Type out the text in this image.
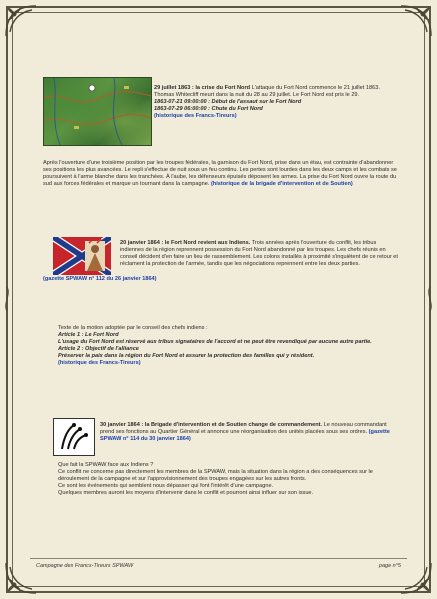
29 juillet 1863 : la crise du Fort Nord L'attaque du Fort Nord commence le 21 juillet 1863. Thomas Whitecliff meurt dans la nuit du 28 au 29 juillet. Le Fort Nord est pris le 29.
1863-07-21 09:00:00 : Début de l'assaut sur le Fort Nord
1863-07-29 06:00:00 : Chute du Fort Nord
(historique des Francs-Tireurs)
Après l'ouverture d'une troisième position par les troupes fédérales, la garnison du Fort Nord, prise dans un étau, est contrainte d'abandonner ses positions les plus avancées. Le repli s'effectue de nuit sous un feu continu. Les pertes sont lourdes dans les deux camps et les combats se poursuivent à l'arme blanche dans les tranchées. À l'aube, les défenseurs épuisés déposent les armes. La prise du Fort Nord ouvre la route du sud aux forces fédérales et marque un tournant dans la campagne. (historique de la brigade d'intervention et de Soutien)
20 janvier 1864 : le Fort Nord revient aux Indiens. Trois années après l'ouverture du conflit, les tribus indiennes de la région reprennent possession du Fort Nord abandonné par les troupes. Les chefs réunis en conseil décident d'en faire un lieu de rassemblement. Les colons installés à proximité s'inquiètent de ce retour et réclament la protection de l'armée, tandis que les négociations reprennent entre les deux parties.
(gazette SPWAW n° 112 du 26 janvier 1864)
Texte de la motion adoptée par le conseil des chefs indiens :
Article 1 : Le Fort Nord
L'usage du Fort Nord est réservé aux tribus signataires de l'accord et ne peut être revendiqué par aucune autre partie.
Article 2 : Objectif de l'alliance
Préserver la paix dans la région du Fort Nord et assurer la protection des familles qui y résident.
(historique des Francs-Tireurs)
30 janvier 1864 : la Brigade d'intervention et de Soutien change de commandement. Le nouveau commandant prend ses fonctions au Quartier Général et annonce une réorganisation des unités placées sous ses ordres. (gazette SPWAW n° 114 du 30 janvier 1864)
Que fait la SPWAW face aux Indiens ?
Ce conflit ne concerne pas directement les membres de la SPWAW, mais la situation dans la région a des conséquences sur le déroulement de la campagne et sur l'approvisionnement des troupes engagées sur les autres fronts.
Ce sont les événements qui semblent nous dépasser qui font l'intérêt d'une campagne.
Quelques membres auront les moyens d'intervenir dans le conflit et pourront ainsi influer sur son issue.
Campagne des Francs-Tireurs SPWAW	page n°5
